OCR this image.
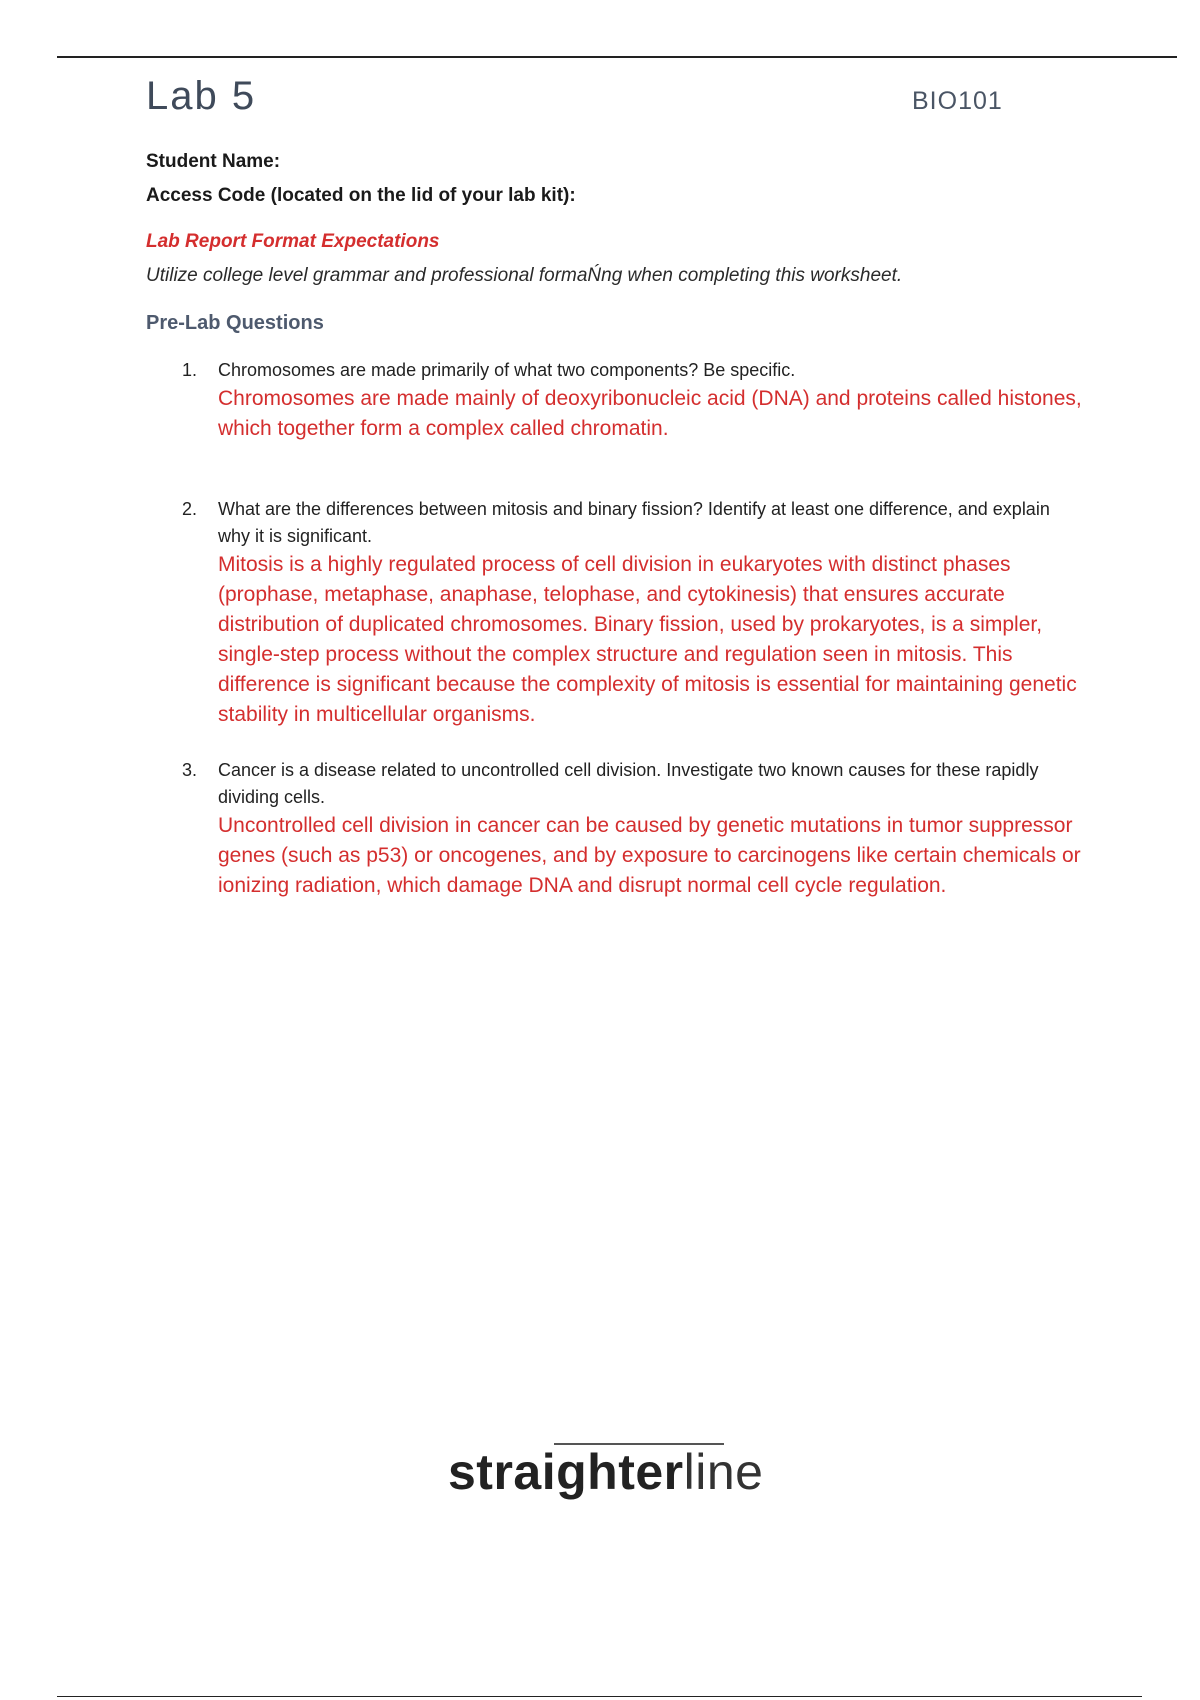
Lab 5	BIO101
Student Name:
Access Code (located on the lid of your lab kit):
Lab Report Format Expectations
Utilize college level grammar and professional formaŃng when completing this worksheet.
Pre-Lab Questions
1. Chromosomes are made primarily of what two components? Be specific.

Chromosomes are made mainly of deoxyribonucleic acid (DNA) and proteins called histones, which together form a complex called chromatin.

2. What are the differences between mitosis and binary fission? Identify at least one difference, and explain why it is significant.

Mitosis is a highly regulated process of cell division in eukaryotes with distinct phases (prophase, metaphase, anaphase, telophase, and cytokinesis) that ensures accurate distribution of duplicated chromosomes. Binary fission, used by prokaryotes, is a simpler, single-step process without the complex structure and regulation seen in mitosis. This difference is significant because the complexity of mitosis is essential for maintaining genetic stability in multicellular organisms.

3. Cancer is a disease related to uncontrolled cell division. Investigate two known causes for these rapidly dividing cells.

Uncontrolled cell division in cancer can be caused by genetic mutations in tumor suppressor genes (such as p53) or oncogenes, and by exposure to carcinogens like certain chemicals or ionizing radiation, which damage DNA and disrupt normal cell cycle regulation.

straighterline
